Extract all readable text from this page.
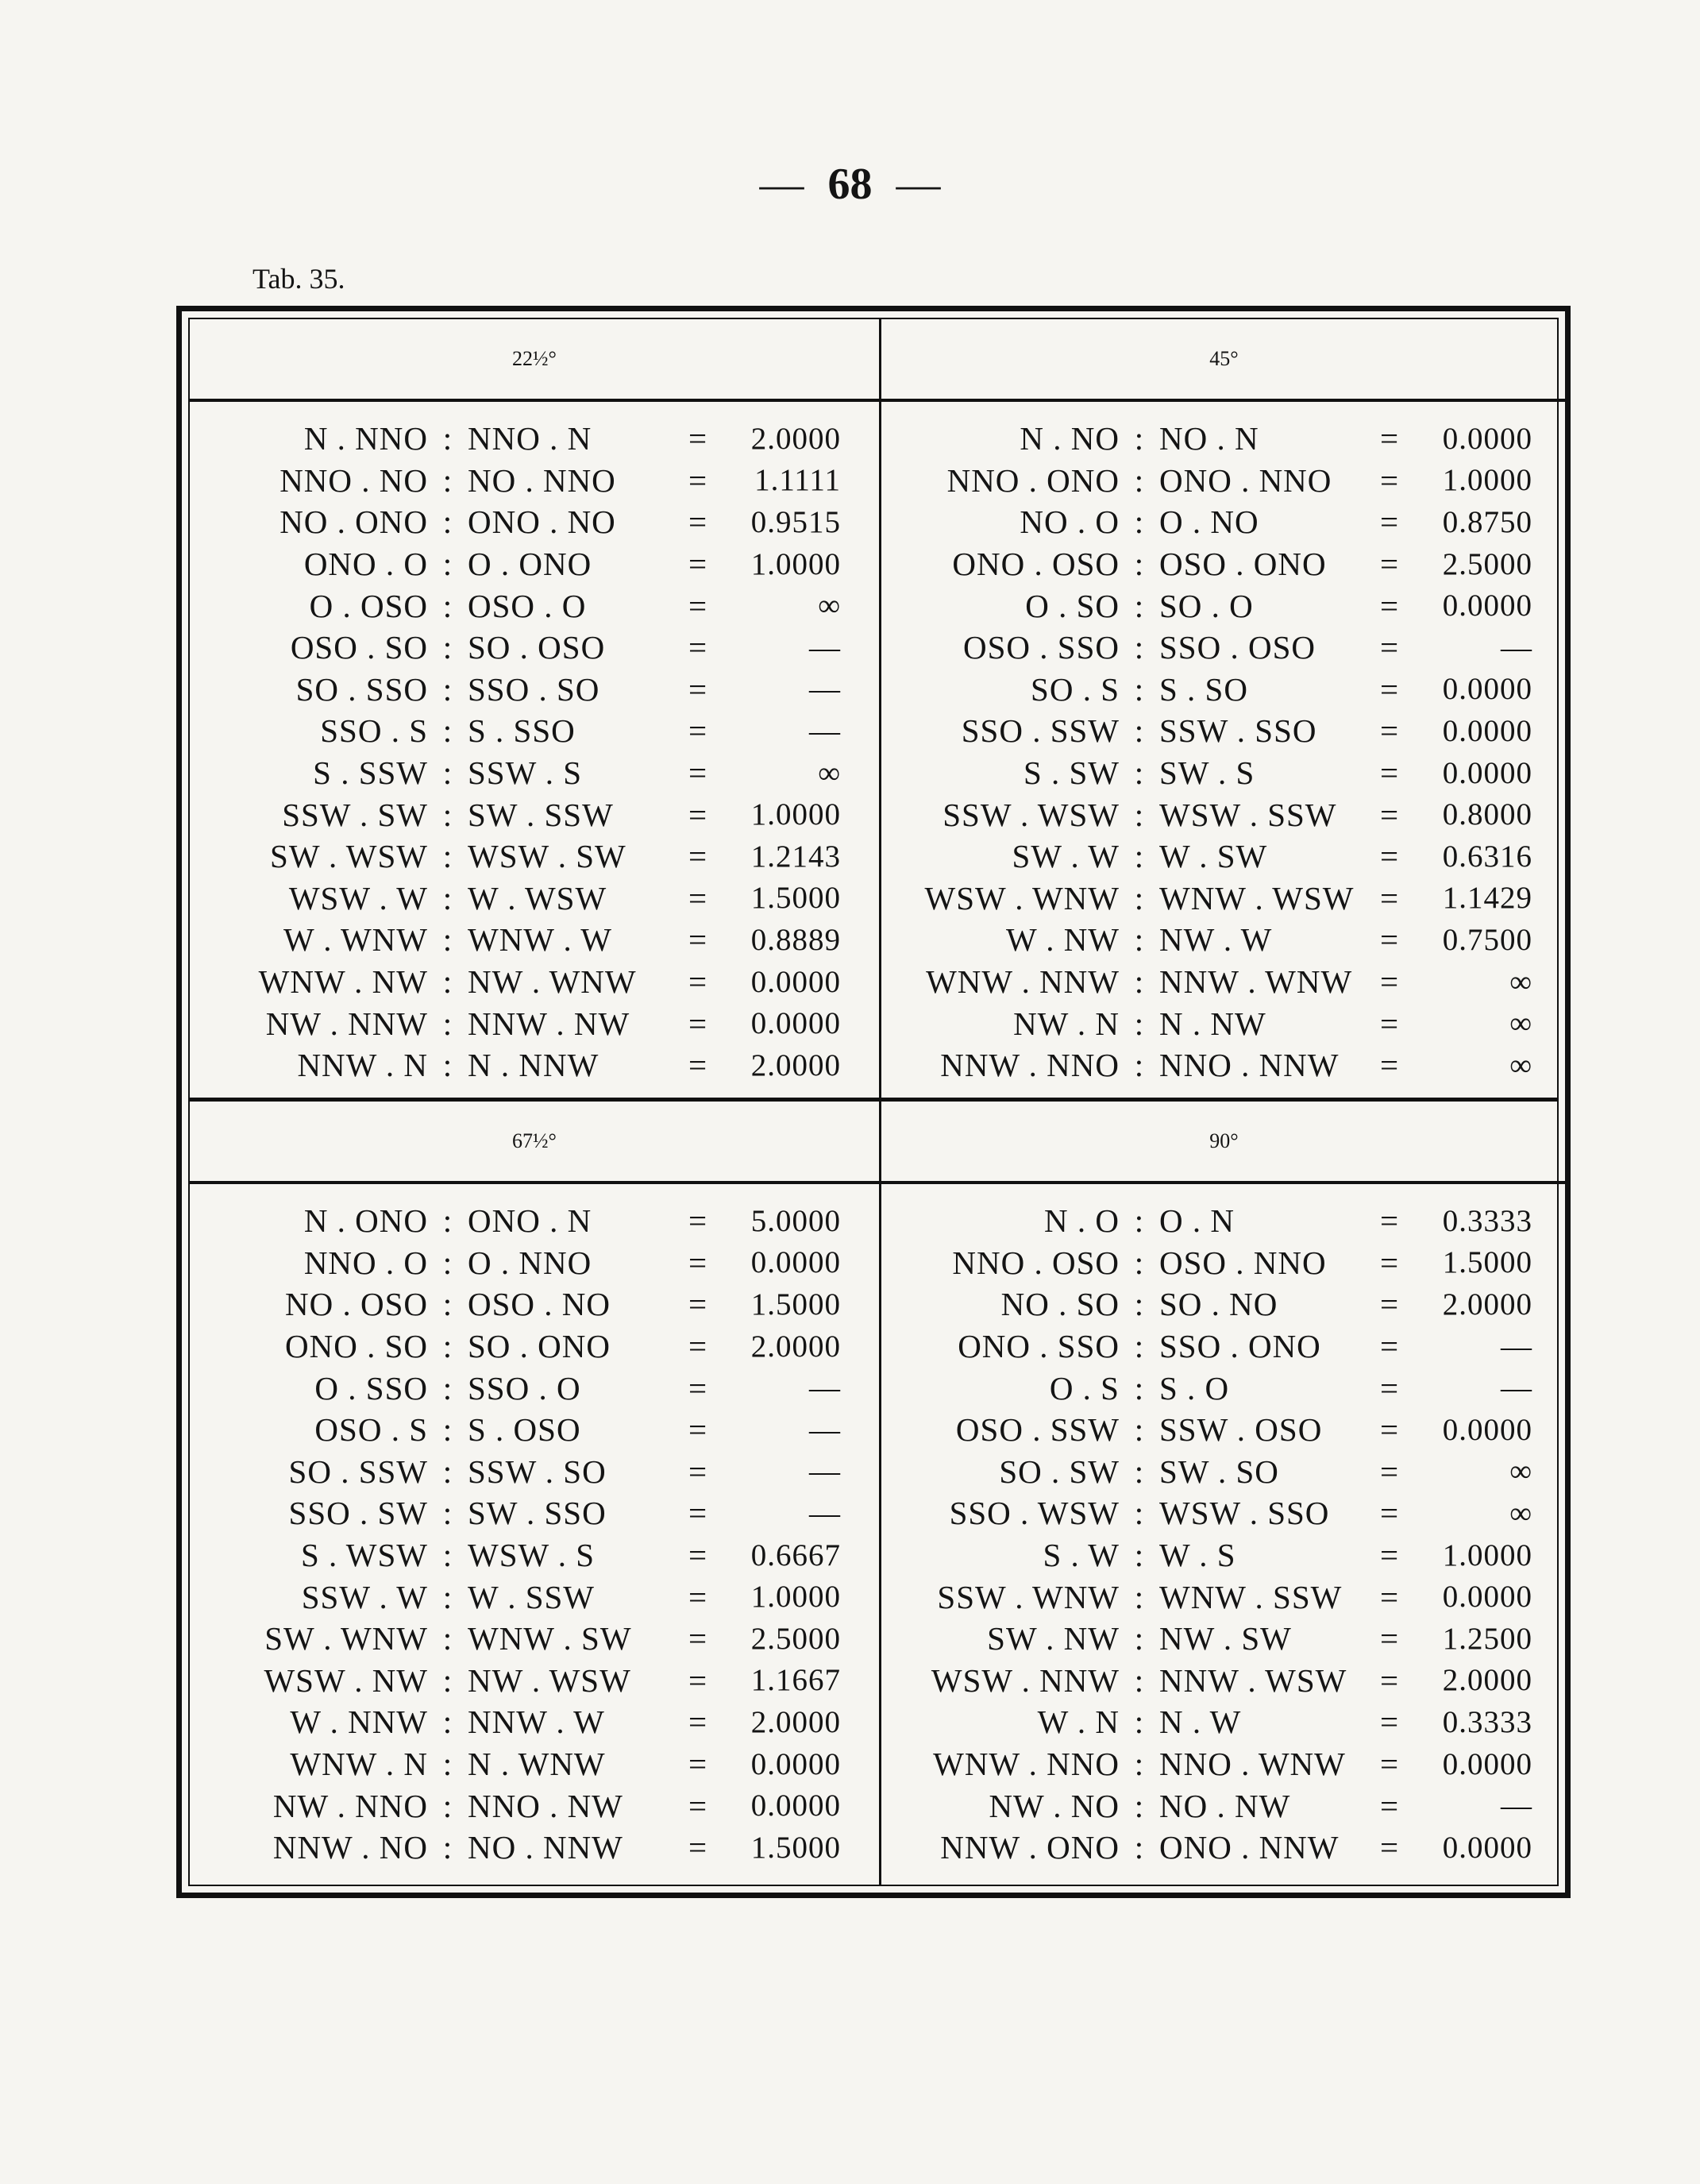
— 68 —
Tab. 35.
22½°
N . NNO : NNO . N	=	2.0000
NNO . NO : NO . NNO	=	1.1111
NO . ONO : ONO . NO	=	0.9515
ONO . O : O . ONO	=	1.0000
O . OSO : OSO . O	=	∞
OSO . SO : SO . OSO	=	—
SO . SSO : SSO . SO	=	—
SSO . S : S . SSO	=	—
S . SSW : SSW . S	=	∞
SSW . SW : SW . SSW	=	1.0000
SW . WSW : WSW . SW	=	1.2143
WSW . W : W . WSW	=	1.5000
W . WNW : WNW . W	=	0.8889
WNW . NW : NW . WNW	=	0.0000
NW . NNW : NNW . NW	=	0.0000
NNW . N : N . NNW	=	2.0000
45°
N . NO : NO . N	=	0.0000
NNO . ONO : ONO . NNO	=	1.0000
NO . O : O . NO	=	0.8750
ONO . OSO : OSO . ONO	=	2.5000
O . SO : SO . O	=	0.0000
OSO . SSO : SSO . OSO	=	—
SO . S : S . SO	=	0.0000
SSO . SSW : SSW . SSO	=	0.0000
S . SW : SW . S	=	0.0000
SSW . WSW : WSW . SSW	=	0.8000
SW . W : W . SW	=	0.6316
WSW . WNW : WNW . WSW =	1.1429
W . NW : NW . W	=	0.7500
WNW . NNW : NNW . WNW =	∞
NW . N : N . NW	=	∞
NNW . NNO : NNO . NNW	=	∞
67½°
N . ONO : ONO . N	=	5.0000
NNO . O : O . NNO	=	0.0000
NO . OSO : OSO . NO	=	1.5000
ONO . SO : SO . ONO	=	2.0000
O . SSO : SSO . O	=	—
OSO . S : S . OSO	=	—
SO . SSW : SSW . SO	=	—
SSO . SW : SW . SSO	=	—
S . WSW : WSW . S	=	0.6667
SSW . W : W . SSW	=	1.0000
SW . WNW : WNW . SW	=	2.5000
WSW . NW : NW . WSW	=	1.1667
W . NNW : NNW . W	=	2.0000
WNW . N : N . WNW	=	0.0000
NW . NNO : NNO . NW	=	0.0000
NNW . NO : NO . NNW	=	1.5000
90°
N . O : O . N	=	0.3333
NNO . OSO : OSO . NNO	=	1.5000
NO . SO : SO . NO	=	2.0000
ONO . SSO : SSO . ONO	=	—
O . S : S . O	=	—
OSO . SSW : SSW . OSO	=	0.0000
SO . SW : SW . SO	=	∞
SSO . WSW : WSW . SSO	=	∞
S . W : W . S	=	1.0000
SSW . WNW : WNW . SSW	=	0.0000
SW . NW : NW . SW	=	1.2500
WSW . NNW : NNW . WSW	=	2.0000
W . N : N . W	=	0.3333
WNW . NNO : NNO . WNW	=	0.0000
NW . NO : NO . NW	=	—
NNW . ONO : ONO . NNW	=	0.0000
